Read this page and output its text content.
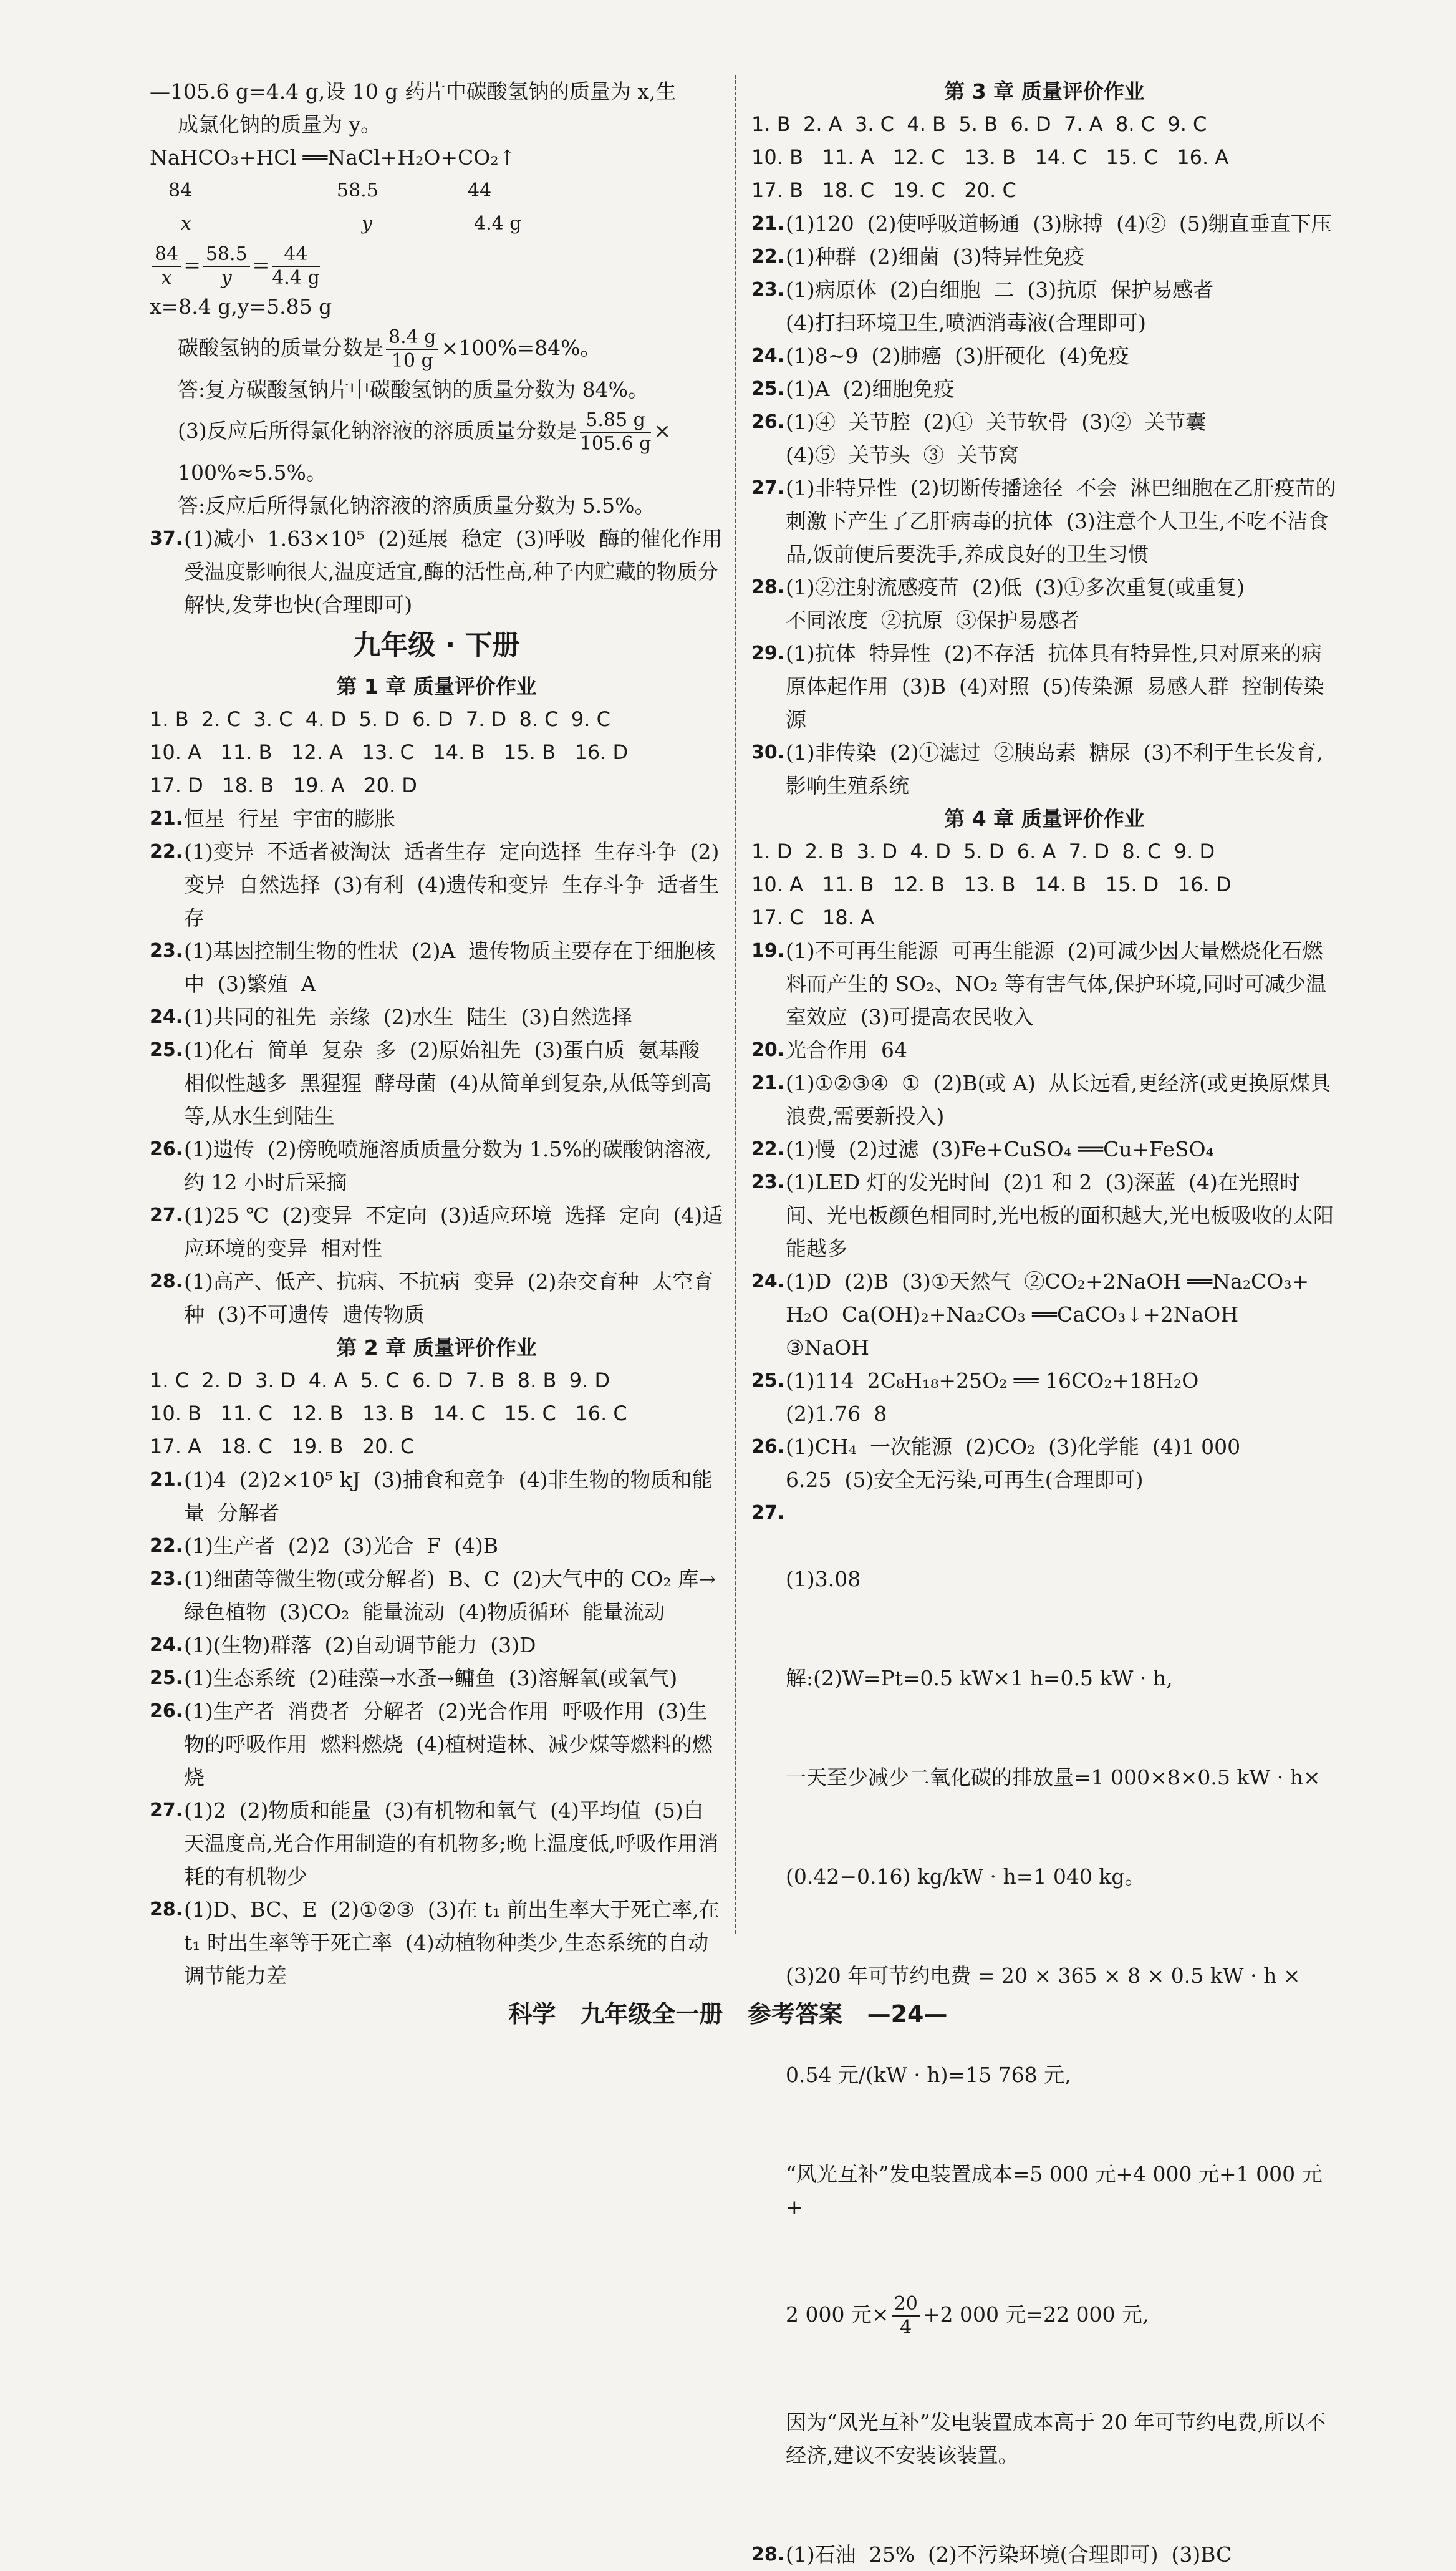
—105.6 g=4.4 g,设 10 g 药片中碳酸氢钠的质量为 x,生
成氯化钠的质量为 y。
NaHCO₃+HCl ══NaCl+H₂O+CO₂↑
84	58.5	44
x	y	4.4 g
$\frac{84}{x} = \frac{58.5}{y} = \frac{44}{4.4 g}$
x=8.4 g,y=5.85 g
碳酸氢钠的质量分数是 $\frac{8.4 g}{10 g} \times 100\%=84\%$。
答:复方碳酸氢钠片中碳酸氢钠的质量分数为 84%。
(3)反应后所得氯化钠溶液的溶质质量分数是 $\frac{5.85 g}{105.6 g}$ ×
100%≈5.5%。
答:反应后所得氯化钠溶液的溶质质量分数为 5.5%。
37. (1)减小  1.63×10⁵  (2)延展  稳定  (3)呼吸  酶的催化作用受温度影响很大,温度适宜,酶的活性高,种子内贮藏的物质分解快,发芽也快(合理即可)
九年级 · 下册
第 1 章 质量评价作业
1. B  2. C  3. C  4. D  5. D  6. D  7. D  8. C  9. C
10. A   11. B   12. A   13. C   14. B   15. B   16. D
17. D   18. B   19. A   20. D
21. 恒星  行星  宇宙的膨胀
22. (1)变异  不适者被淘汰  适者生存  定向选择  生存斗争  (2)变异  自然选择  (3)有利  (4)遗传和变异  生存斗争  适者生存
23. (1)基因控制生物的性状  (2)A  遗传物质主要存在于细胞核中  (3)繁殖  A
24. (1)共同的祖先  亲缘  (2)水生  陆生  (3)自然选择
25. (1)化石  简单  复杂  多  (2)原始祖先  (3)蛋白质  氨基酸  相似性越多  黑猩猩  酵母菌  (4)从简单到复杂,从低等到高等,从水生到陆生
26. (1)遗传  (2)傍晚喷施溶质质量分数为 1.5%的碳酸钠溶液,约 12 小时后采摘
27. (1)25 ℃  (2)变异  不定向  (3)适应环境  选择  定向  (4)适应环境的变异  相对性
28. (1)高产、低产、抗病、不抗病  变异  (2)杂交育种  太空育种  (3)不可遗传  遗传物质
第 2 章 质量评价作业
1. C  2. D  3. D  4. A  5. C  6. D  7. B  8. B  9. D
10. B   11. C   12. B   13. B   14. C   15. C   16. C
17. A   18. C   19. B   20. C
21. (1)4  (2)2×10⁵ kJ  (3)捕食和竞争  (4)非生物的物质和能量  分解者
22. (1)生产者  (2)2  (3)光合  F  (4)B
23. (1)细菌等微生物(或分解者)  B、C  (2)大气中的 CO₂ 库→绿色植物  (3)CO₂  能量流动  (4)物质循环  能量流动
24. (1)(生物)群落  (2)自动调节能力  (3)D
25. (1)生态系统  (2)硅藻→水蚤→鳙鱼  (3)溶解氧(或氧气)
26. (1)生产者  消费者  分解者  (2)光合作用  呼吸作用  (3)生物的呼吸作用  燃料燃烧  (4)植树造林、减少煤等燃料的燃烧
27. (1)2  (2)物质和能量  (3)有机物和氧气  (4)平均值  (5)白天温度高,光合作用制造的有机物多;晚上温度低,呼吸作用消耗的有机物少
28. (1)D、BC、E  (2)①②③  (3)在 t₁ 前出生率大于死亡率,在 t₁ 时出生率等于死亡率  (4)动植物种类少,生态系统的自动调节能力差
第 3 章 质量评价作业
1. B  2. A  3. C  4. B  5. B  6. D  7. A  8. C  9. C
10. B   11. A   12. C   13. B   14. C   15. C   16. A
17. B   18. C   19. C   20. C
21. (1)120  (2)使呼吸道畅通  (3)脉搏  (4)②  (5)绷直垂直下压
22. (1)种群  (2)细菌  (3)特异性免疫
23. (1)病原体  (2)白细胞  二  (3)抗原  保护易感者
(4)打扫环境卫生,喷洒消毒液(合理即可)
24. (1)8~9  (2)肺癌  (3)肝硬化  (4)免疫
25. (1)A  (2)细胞免疫
26. (1)④  关节腔  (2)①  关节软骨  (3)②  关节囊
(4)⑤  关节头  ③  关节窝
27. (1)非特异性  (2)切断传播途径  不会  淋巴细胞在乙肝疫苗的刺激下产生了乙肝病毒的抗体  (3)注意个人卫生,不吃不洁食品,饭前便后要洗手,养成良好的卫生习惯
28. (1)②注射流感疫苗  (2)低  (3)①多次重复(或重复)
不同浓度  ②抗原  ③保护易感者
29. (1)抗体  特异性  (2)不存活  抗体具有特异性,只对原来的病原体起作用  (3)B  (4)对照  (5)传染源  易感人群  控制传染源
30. (1)非传染  (2)①滤过  ②胰岛素  糖尿  (3)不利于生长发育,影响生殖系统
第 4 章 质量评价作业
1. D  2. B  3. D  4. D  5. D  6. A  7. D  8. C  9. D
10. A   11. B   12. B   13. B   14. B   15. D   16. D
17. C   18. A
19. (1)不可再生能源  可再生能源  (2)可减少因大量燃烧化石燃料而产生的 SO₂、NO₂ 等有害气体,保护环境,同时可减少温室效应  (3)可提高农民收入
20. 光合作用  64
21. (1)①②③④  ①  (2)B(或 A)  从长远看,更经济(或更换原煤具浪费,需要新投入)
22. (1)慢  (2)过滤  (3)Fe+CuSO₄ ══Cu+FeSO₄
23. (1)LED 灯的发光时间  (2)1 和 2  (3)深蓝  (4)在光照时间、光电板颜色相同时,光电板的面积越大,光电板吸收的太阳能越多
24. (1)D  (2)B  (3)①天然气  ②CO₂+2NaOH ══Na₂CO₃+
H₂O  Ca(OH)₂+Na₂CO₃ ══CaCO₃↓+2NaOH
③NaOH
25. (1)114  2C₈H₁₈+25O₂ ══ 16CO₂+18H₂O
(2)1.76  8
26. (1)CH₄  一次能源  (2)CO₂  (3)化学能  (4)1 000
6.25  (5)安全无污染,可再生(合理即可)
27.

(1)3.08

解:(2)W=Pt=0.5 kW×1 h=0.5 kW · h,

一天至少减少二氧化碳的排放量=1 000×8×0.5 kW · h×

(0.42−0.16) kg/kW · h=1 040 kg。

(3)20 年可节约电费 = 20 × 365 × 8 × 0.5 kW · h ×

0.54 元/(kW · h)=15 768 元,

“风光互补”发电装置成本=5 000 元+4 000 元+1 000 元+

2 000 元× $\frac{20}{4} +2$ 000 元=22 000 元,

因为“风光互补”发电装置成本高于 20 年可节约电费,所以不经济,建议不安装该装置。

28. (1)石油  25%  (2)不污染环境(合理即可)  (3)BC
科学   九年级全一册   参考答案   —24—
